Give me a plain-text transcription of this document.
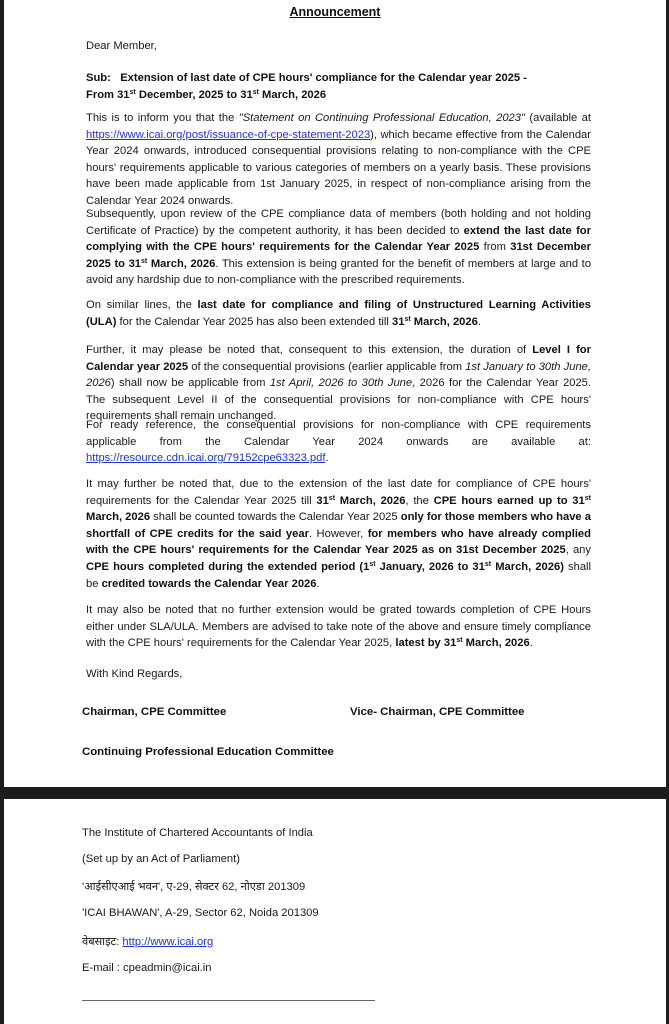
Announcement

Dear Member,

Sub: Extension of last date of CPE hours' compliance for the Calendar year 2025 -
From 31st December, 2025 to 31st March, 2026

This is to inform you that the "Statement on Continuing Professional Education, 2023" (available at https://www.icai.org/post/issuance-of-cpe-statement-2023), which became effective from the Calendar Year 2024 onwards, introduced consequential provisions relating to non-compliance with the CPE hours' requirements applicable to various categories of members on a yearly basis. These provisions have been made applicable from 1st January 2025, in respect of non-compliance arising from the Calendar Year 2024 onwards.

Subsequently, upon review of the CPE compliance data of members (both holding and not holding Certificate of Practice) by the competent authority, it has been decided to extend the last date for complying with the CPE hours' requirements for the Calendar Year 2025 from 31st December 2025 to 31st March, 2026. This extension is being granted for the benefit of members at large and to avoid any hardship due to non-compliance with the prescribed requirements.

On similar lines, the last date for compliance and filing of Unstructured Learning Activities (ULA) for the Calendar Year 2025 has also been extended till 31st March, 2026.

Further, it may please be noted that, consequent to this extension, the duration of Level I for Calendar year 2025 of the consequential provisions (earlier applicable from 1st January to 30th June, 2026) shall now be applicable from 1st April, 2026 to 30th June, 2026 for the Calendar Year 2025. The subsequent Level II of the consequential provisions for non-compliance with CPE hours' requirements shall remain unchanged.

For ready reference, the consequential provisions for non-compliance with CPE requirements applicable from the Calendar Year 2024 onwards are available at: https://resource.cdn.icai.org/79152cpe63323.pdf.

It may further be noted that, due to the extension of the last date for compliance of CPE hours' requirements for the Calendar Year 2025 till 31st March, 2026, the CPE hours earned up to 31st March, 2026 shall be counted towards the Calendar Year 2025 only for those members who have a shortfall of CPE credits for the said year. However, for members who have already complied with the CPE hours' requirements for the Calendar Year 2025 as on 31st December 2025, any CPE hours completed during the extended period (1st January, 2026 to 31st March, 2026) shall be credited towards the Calendar Year 2026.

It may also be noted that no further extension would be grated towards completion of CPE Hours either under SLA/ULA. Members are advised to take note of the above and ensure timely compliance with the CPE hours' requirements for the Calendar Year 2025, latest by 31st March, 2026.

With Kind Regards,

Chairman, CPE Committee	Vice- Chairman, CPE Committee
Continuing Professional Education Committee
The Institute of Chartered Accountants of India
(Set up by an Act of Parliament)
'आईसीएआई भवन', ए-29, सेक्टर 62, नोएडा 201309
'ICAI BHAWAN', A-29, Sector 62, Noida 201309
वेबसाइट: http://www.icai.org
E-mail : cpeadmin@icai.in
